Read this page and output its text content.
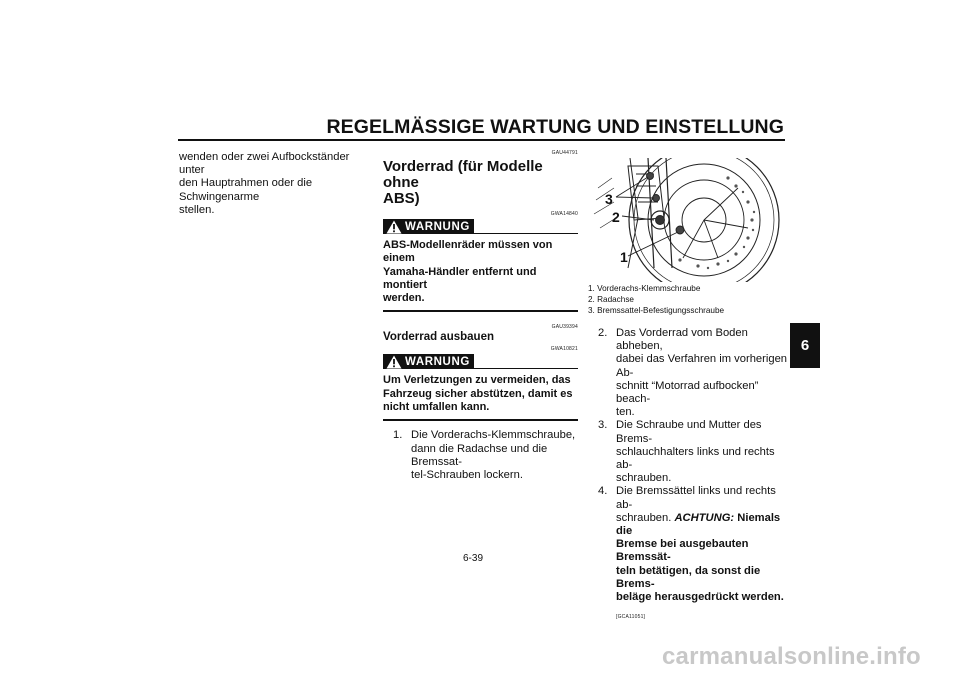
REGELMÄSSIGE WARTUNG UND EINSTELLUNG
6
wenden oder zwei Aufbockständer unter
den Hauptrahmen oder die Schwingenarme
stellen.
GAU44791
Vorderrad (für Modelle ohne
ABS)
GWA14840
WARNUNG
ABS-Modellenräder müssen von einem
Yamaha-Händler entfernt und montiert
werden.
GAU39394
Vorderrad ausbauen
GWA10821
WARNUNG
Um Verletzungen zu vermeiden, das
Fahrzeug sicher abstützen, damit es
nicht umfallen kann.
1. Die Vorderachs-Klemmschraube,
dann die Radachse und die Bremssat-
tel-Schrauben lockern.
3
2
1
1. Vorderachs-Klemmschraube
2. Radachse
3. Bremssattel-Befestigungsschraube
2. Das Vorderrad vom Boden abheben,
dabei das Verfahren im vorherigen Ab-
schnitt “Motorrad aufbocken” beach-
ten.
3. Die Schraube und Mutter des Brems-
schlauchhalters links und rechts ab-
schrauben.
4. Die Bremssättel links und rechts ab-
schrauben. ACHTUNG: Niemals die
Bremse bei ausgebauten Bremssät-
teln betätigen, da sonst die Brems-
beläge herausgedrückt werden.
[GCA11051]
6-39
carmanualsonline.info
